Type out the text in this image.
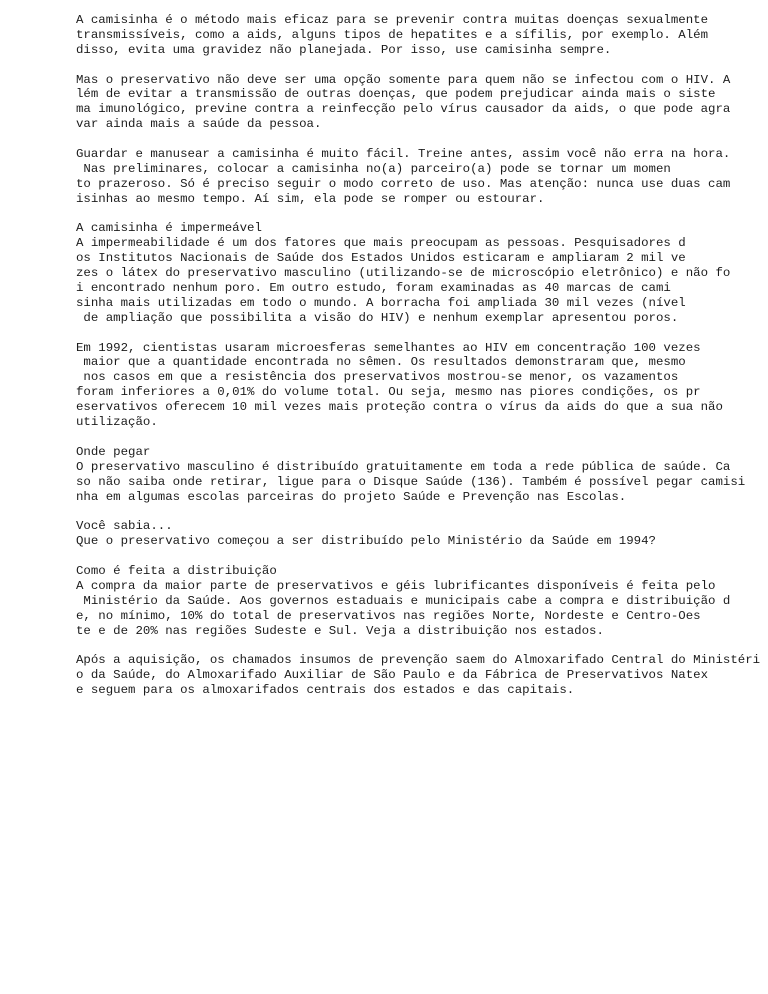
A camisinha é o método mais eficaz para se prevenir contra muitas doenças sexualmente
transmissíveis, como a aids, alguns tipos de hepatites e a sífilis, por exemplo. Além
disso, evita uma gravidez não planejada. Por isso, use camisinha sempre.
Mas o preservativo não deve ser uma opção somente para quem não se infectou com o HIV. A
lém de evitar a transmissão de outras doenças, que podem prejudicar ainda mais o siste
ma imunológico, previne contra a reinfecção pelo vírus causador da aids, o que pode agra
var ainda mais a saúde da pessoa.
Guardar e manusear a camisinha é muito fácil. Treine antes, assim você não erra na hora.
Nas preliminares, colocar a camisinha no(a) parceiro(a) pode se tornar um momen
to prazeroso. Só é preciso seguir o modo correto de uso. Mas atenção: nunca use duas cam
isinhas ao mesmo tempo. Aí sim, ela pode se romper ou estourar.
A camisinha é impermeável
A impermeabilidade é um dos fatores que mais preocupam as pessoas. Pesquisadores d
os Institutos Nacionais de Saúde dos Estados Unidos esticaram e ampliaram 2 mil ve
zes o látex do preservativo masculino (utilizando-se de microscópio eletrônico) e não fo
i encontrado nenhum poro. Em outro estudo, foram examinadas as 40 marcas de cami
sinha mais utilizadas em todo o mundo. A borracha foi ampliada 30 mil vezes (nível
de ampliação que possibilita a visão do HIV) e nenhum exemplar apresentou poros.
Em 1992, cientistas usaram microesferas semelhantes ao HIV em concentração 100 vezes
maior que a quantidade encontrada no sêmen. Os resultados demonstraram que, mesmo
nos casos em que a resistência dos preservativos mostrou-se menor, os vazamentos
foram inferiores a 0,01% do volume total. Ou seja, mesmo nas piores condições, os pr
eservativos oferecem 10 mil vezes mais proteção contra o vírus da aids do que a sua não
utilização.
Onde pegar
O preservativo masculino é distribuído gratuitamente em toda a rede pública de saúde. Ca
so não saiba onde retirar, ligue para o Disque Saúde (136). Também é possível pegar camisi
nha em algumas escolas parceiras do projeto Saúde e Prevenção nas Escolas.
Você sabia...
Que o preservativo começou a ser distribuído pelo Ministério da Saúde em 1994?
Como é feita a distribuição
A compra da maior parte de preservativos e géis lubrificantes disponíveis é feita pelo
Ministério da Saúde. Aos governos estaduais e municipais cabe a compra e distribuição d
e, no mínimo, 10% do total de preservativos nas regiões Norte, Nordeste e Centro-Oes
te e de 20% nas regiões Sudeste e Sul. Veja a distribuição nos estados.
Após a aquisição, os chamados insumos de prevenção saem do Almoxarifado Central do Ministéri
o da Saúde, do Almoxarifado Auxiliar de São Paulo e da Fábrica de Preservativos Natex
e seguem para os almoxarifados centrais dos estados e das capitais.
